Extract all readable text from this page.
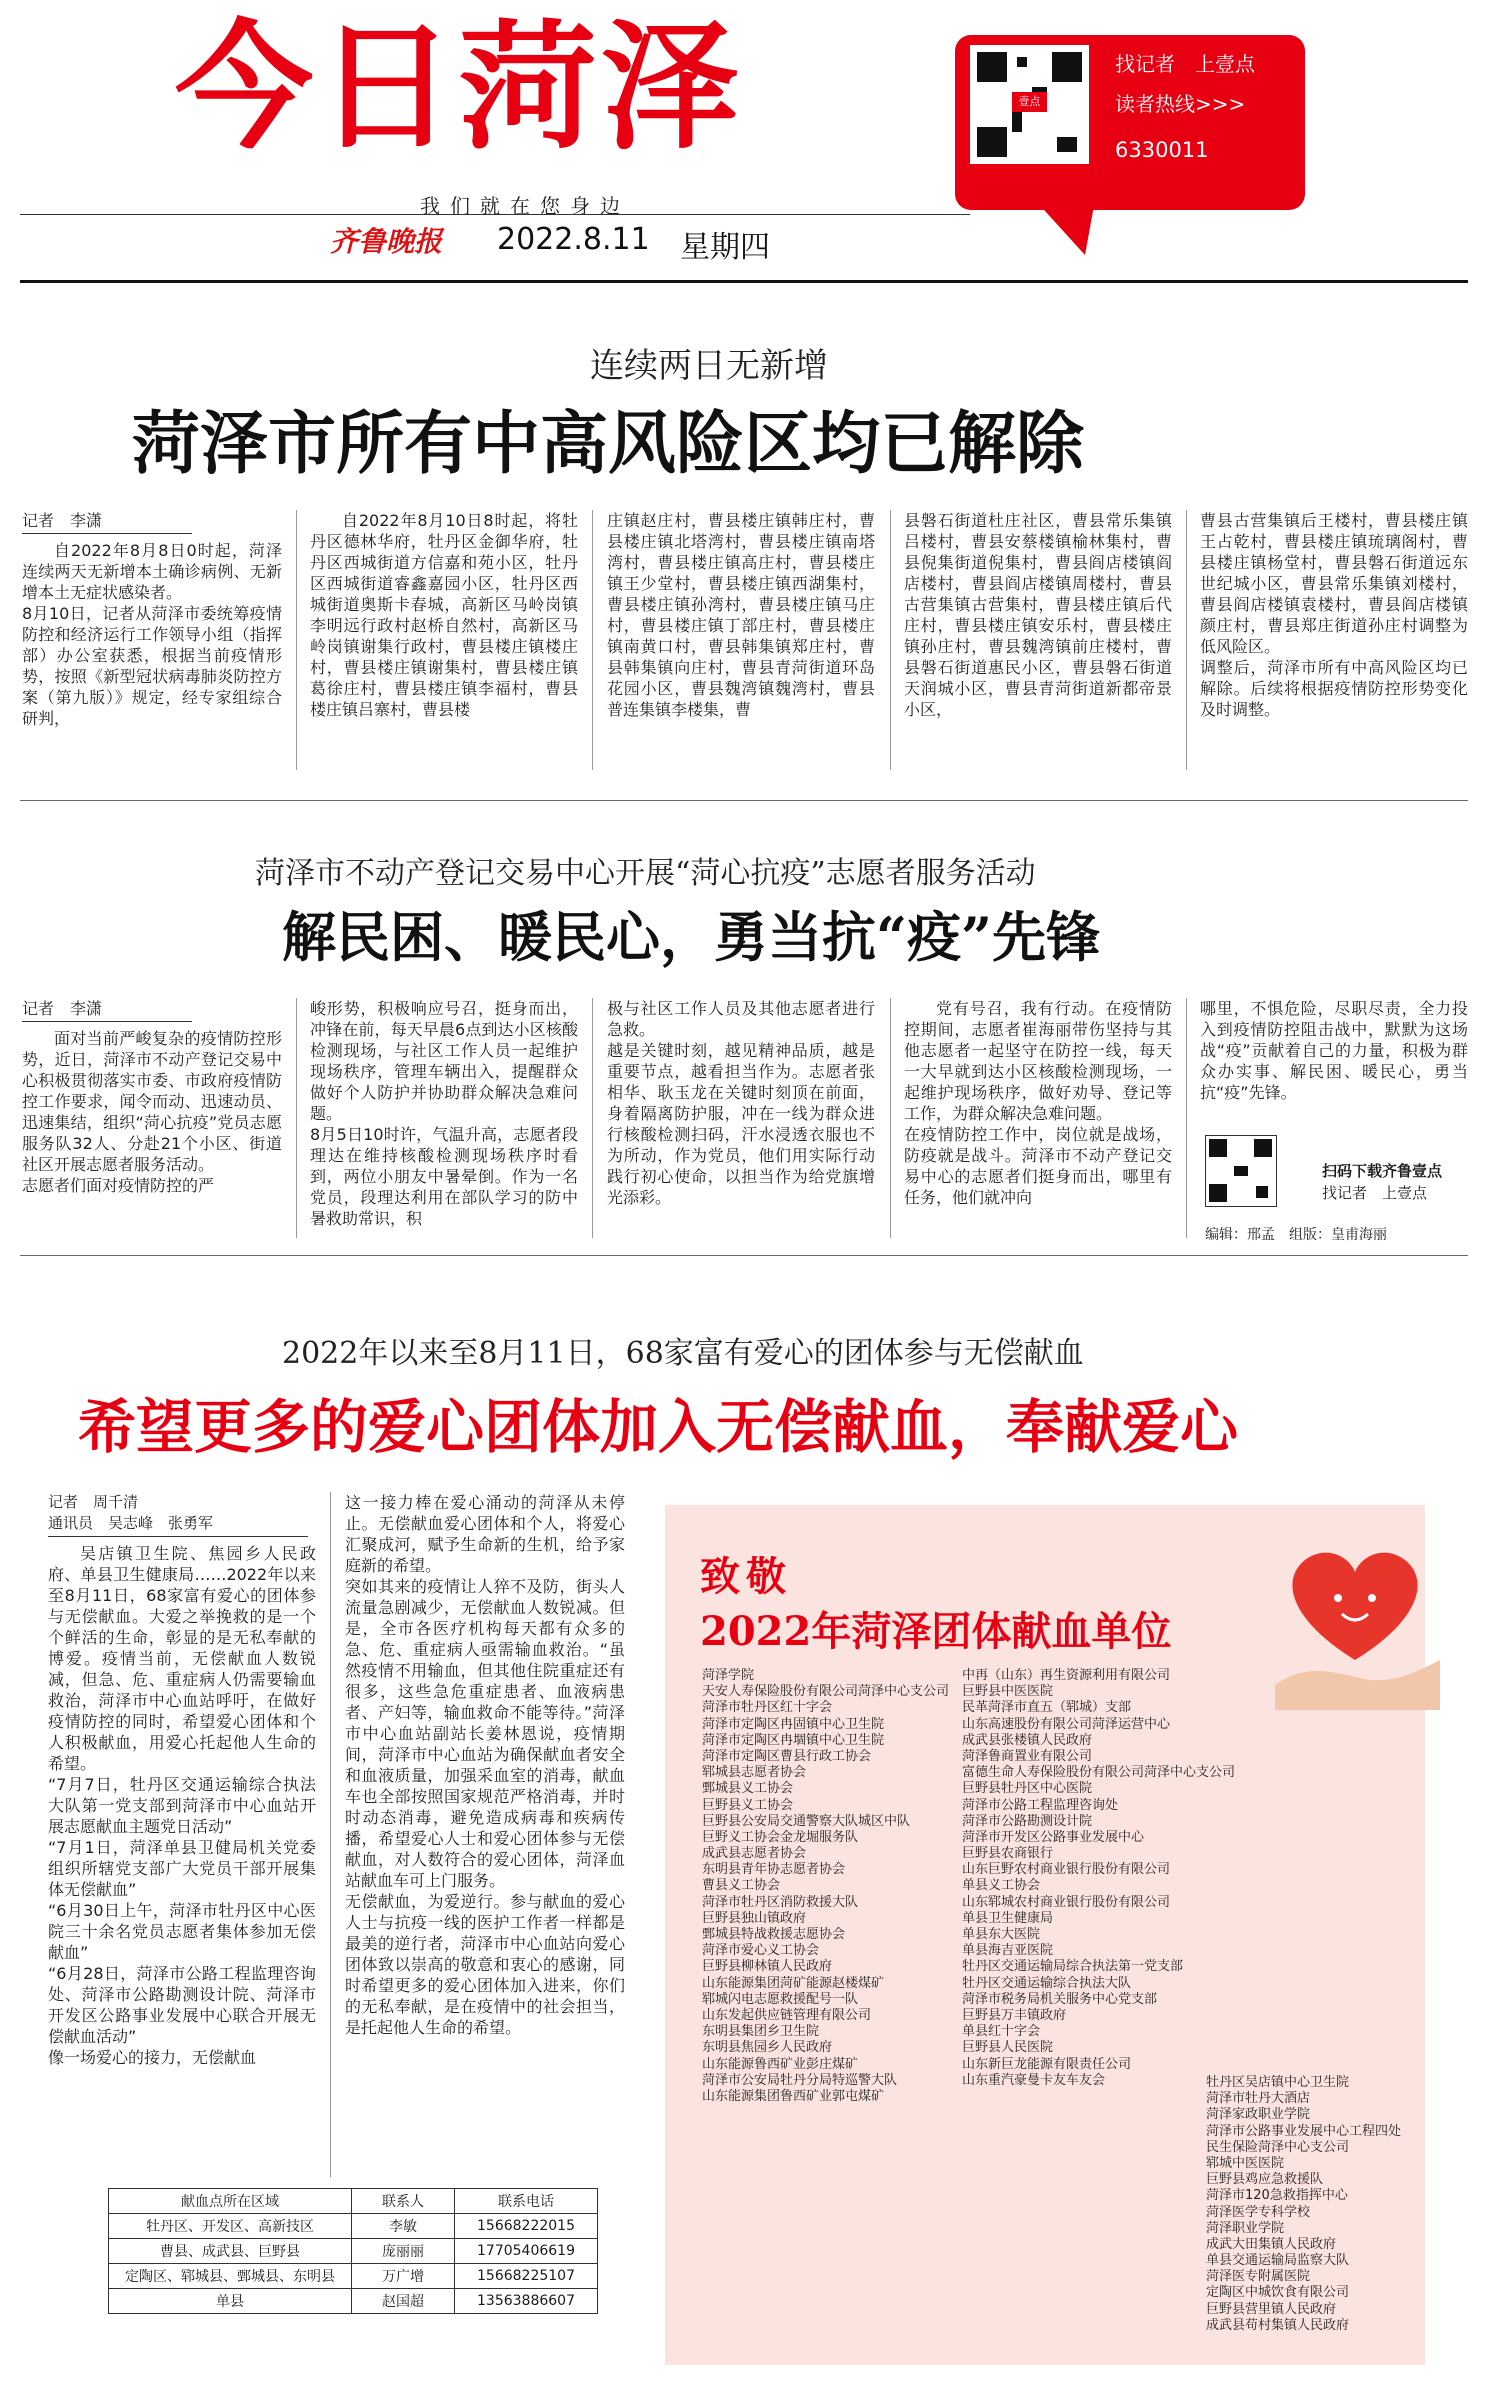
今日菏泽
我们就在您身边
齐鲁晚报 2022.8.11 星期四
壹点
找记者　上壹点
读者热线>>>
6330011
连续两日无新增
菏泽市所有中高风险区均已解除
记者　李潇

自2022年8月8日0时起，菏泽连续两天无新增本土确诊病例、无新增本土无症状感染者。
8月10日，记者从菏泽市委统筹疫情防控和经济运行工作领导小组（指挥部）办公室获悉，根据当前疫情形势，按照《新型冠状病毒肺炎防控方案（第九版）》规定，经专家组综合研判，

自2022年8月10日8时起，将牡丹区德林华府，牡丹区金御华府，牡丹区西城街道方信嘉和苑小区，牡丹区西城街道睿鑫嘉园小区，牡丹区西城街道奥斯卡春城，高新区马岭岗镇李明远行政村赵桥自然村，高新区马岭岗镇谢集行政村，曹县楼庄镇楼庄村，曹县楼庄镇谢集村，曹县楼庄镇葛徐庄村，曹县楼庄镇李福村，曹县楼庄镇吕寨村，曹县楼

庄镇赵庄村，曹县楼庄镇韩庄村，曹县楼庄镇北塔湾村，曹县楼庄镇南塔湾村，曹县楼庄镇高庄村，曹县楼庄镇王少堂村，曹县楼庄镇西湖集村，曹县楼庄镇孙湾村，曹县楼庄镇马庄村，曹县楼庄镇丁部庄村，曹县楼庄镇南黄口村，曹县韩集镇郑庄村，曹县韩集镇向庄村，曹县青菏街道环岛花园小区，曹县魏湾镇魏湾村，曹县普连集镇李楼集，曹

县磐石街道杜庄社区，曹县常乐集镇吕楼村，曹县安蔡楼镇榆林集村，曹县倪集街道倪集村，曹县阎店楼镇阎店楼村，曹县阎店楼镇周楼村，曹县古营集镇古营集村，曹县楼庄镇后代庄村，曹县楼庄镇安乐村，曹县楼庄镇孙庄村，曹县魏湾镇前庄楼村，曹县磐石街道惠民小区，曹县磐石街道天润城小区，曹县青菏街道新都帝景小区，

曹县古营集镇后王楼村，曹县楼庄镇王占乾村，曹县楼庄镇琉璃阁村，曹县楼庄镇杨堂村，曹县磐石街道远东世纪城小区，曹县常乐集镇刘楼村，曹县阎店楼镇袁楼村，曹县阎店楼镇颜庄村，曹县郑庄街道孙庄村调整为低风险区。
调整后，菏泽市所有中高风险区均已解除。后续将根据疫情防控形势变化及时调整。

菏泽市不动产登记交易中心开展“菏心抗疫”志愿者服务活动
解民困、暖民心，勇当抗“疫”先锋
记者　李潇

面对当前严峻复杂的疫情防控形势，近日，菏泽市不动产登记交易中心积极贯彻落实市委、市政府疫情防控工作要求，闻令而动、迅速动员、迅速集结，组织“菏心抗疫”党员志愿服务队32人、分赴21个小区、街道社区开展志愿者服务活动。
志愿者们面对疫情防控的严

峻形势，积极响应号召，挺身而出，冲锋在前，每天早晨6点到达小区核酸检测现场，与社区工作人员一起维护现场秩序，管理车辆出入，提醒群众做好个人防护并协助群众解决急难问题。
8月5日10时许，气温升高，志愿者段理达在维持核酸检测现场秩序时看到，两位小朋友中暑晕倒。作为一名党员，段理达利用在部队学习的防中暑救助常识，积

极与社区工作人员及其他志愿者进行急救。
越是关键时刻，越见精神品质，越是重要节点，越看担当作为。志愿者张相华、耿玉龙在关键时刻顶在前面，身着隔离防护服，冲在一线为群众进行核酸检测扫码，汗水浸透衣服也不为所动，作为党员，他们用实际行动践行初心使命，以担当作为给党旗增光添彩。

党有号召，我有行动。在疫情防控期间，志愿者崔海丽带伤坚持与其他志愿者一起坚守在防控一线，每天一大早就到达小区核酸检测现场，一起维护现场秩序，做好劝导、登记等工作，为群众解决急难问题。
在疫情防控工作中，岗位就是战场，防疫就是战斗。菏泽市不动产登记交易中心的志愿者们挺身而出，哪里有任务，他们就冲向

哪里，不惧危险，尽职尽责，全力投入到疫情防控阻击战中，默默为这场战“疫”贡献着自己的力量，积极为群众办实事、解民困、暖民心，勇当抗“疫”先锋。

扫码下载齐鲁壹点
找记者　上壹点
编辑：邢孟　组版：皇甫海丽
2022年以来至8月11日，68家富有爱心的团体参与无偿献血
希望更多的爱心团体加入无偿献血，奉献爱心
记者　周千清
通讯员　吴志峰　张勇军

吴店镇卫生院、焦园乡人民政府、单县卫生健康局……2022年以来至8月11日，68家富有爱心的团体参与无偿献血。大爱之举挽救的是一个个鲜活的生命，彰显的是无私奉献的博爱。疫情当前，无偿献血人数锐减，但急、危、重症病人仍需要输血救治，菏泽市中心血站呼吁，在做好疫情防控的同时，希望爱心团体和个人积极献血，用爱心托起他人生命的希望。
“7月7日，牡丹区交通运输综合执法大队第一党支部到菏泽市中心血站开展志愿献血主题党日活动”
“7月1日，菏泽单县卫健局机关党委组织所辖党支部广大党员干部开展集体无偿献血”
“6月30日上午，菏泽市牡丹区中心医院三十余名党员志愿者集体参加无偿献血”
“6月28日，菏泽市公路工程监理咨询处、菏泽市公路勘测设计院、菏泽市开发区公路事业发展中心联合开展无偿献血活动”
像一场爱心的接力，无偿献血

这一接力棒在爱心涌动的菏泽从未停止。无偿献血爱心团体和个人，将爱心汇聚成河，赋予生命新的生机，给予家庭新的希望。
突如其来的疫情让人猝不及防，街头人流量急剧减少，无偿献血人数锐减。但是，全市各医疗机构每天都有众多的急、危、重症病人亟需输血救治。“虽然疫情不用输血，但其他住院重症还有很多，这些急危重症患者、血液病患者、产妇等，输血救命不能等待。”菏泽市中心血站副站长姜林恩说，疫情期间，菏泽市中心血站为确保献血者安全和血液质量，加强采血室的消毒，献血车也全部按照国家规范严格消毒，并时时动态消毒，避免造成病毒和疾病传播，希望爱心人士和爱心团体参与无偿献血，对人数符合的爱心团体，菏泽血站献血车可上门服务。
无偿献血，为爱逆行。参与献血的爱心人士与抗疫一线的医护工作者一样都是最美的逆行者，菏泽市中心血站向爱心团体致以崇高的敬意和衷心的感谢，同时希望更多的爱心团体加入进来，你们的无私奉献，是在疫情中的社会担当，是托起他人生命的希望。

献血点所在区域	联系人	联系电话
牡丹区、开发区、高新技区	李敏	15668222015
曹县、成武县、巨野县	庞丽丽	17705406619
定陶区、郓城县、鄄城县、东明县	万广增	15668225107
单县	赵国超	13563886607
致敬
2022年菏泽团体献血单位
菏泽学院
天安人寿保险股份有限公司菏泽中心支公司
菏泽市牡丹区红十字会
菏泽市定陶区冉固镇中心卫生院
菏泽市定陶区冉堌镇中心卫生院
菏泽市定陶区曹县行政工协会
郓城县志愿者协会
鄄城县义工协会
巨野县义工协会
巨野县公安局交通警察大队城区中队
巨野义工协会金龙堀服务队
成武县志愿者协会
东明县青年协志愿者协会
曹县义工协会
菏泽市牡丹区消防救援大队
巨野县独山镇政府
鄄城县特战救援志愿协会
菏泽市爱心义工协会
巨野县柳林镇人民政府
山东能源集团菏矿能源赵楼煤矿
郓城闪电志愿救援配号一队
山东发起供应链管理有限公司
东明县集团乡卫生院
东明县焦园乡人民政府
山东能源鲁西矿业彭庄煤矿
菏泽市公安局牡丹分局特巡警大队
山东能源集团鲁西矿业郭屯煤矿
中再（山东）再生资源利用有限公司
巨野县中医医院
民革菏泽市直五（郓城）支部
山东高速股份有限公司菏泽运营中心
成武县张楼镇人民政府
菏泽鲁商置业有限公司
富德生命人寿保险股份有限公司菏泽中心支公司
巨野县牡丹区中心医院
菏泽市公路工程监理咨询处
菏泽市公路勘测设计院
菏泽市开发区公路事业发展中心
巨野县农商银行
山东巨野农村商业银行股份有限公司
单县义工协会
山东郓城农村商业银行股份有限公司
单县卫生健康局
单县东大医院
单县海吉亚医院
牡丹区交通运输局综合执法第一党支部
牡丹区交通运输综合执法大队
菏泽市税务局机关服务中心党支部
巨野县万丰镇政府
单县红十字会
巨野县人民医院
山东新巨龙能源有限责任公司
山东重汽豪曼卡友车友会	牡丹区吴店镇中心卫生院
菏泽市牡丹大酒店
菏泽家政职业学院
菏泽市公路事业发展中心工程四处
民生保险菏泽中心支公司
郓城中医医院
巨野县鸡应急救援队
菏泽市120急救指挥中心
菏泽医学专科学校
菏泽职业学院
成武大田集镇人民政府
单县交通运输局监察大队
菏泽医专附属医院
定陶区中城饮食有限公司
巨野县营里镇人民政府
成武县苟村集镇人民政府
